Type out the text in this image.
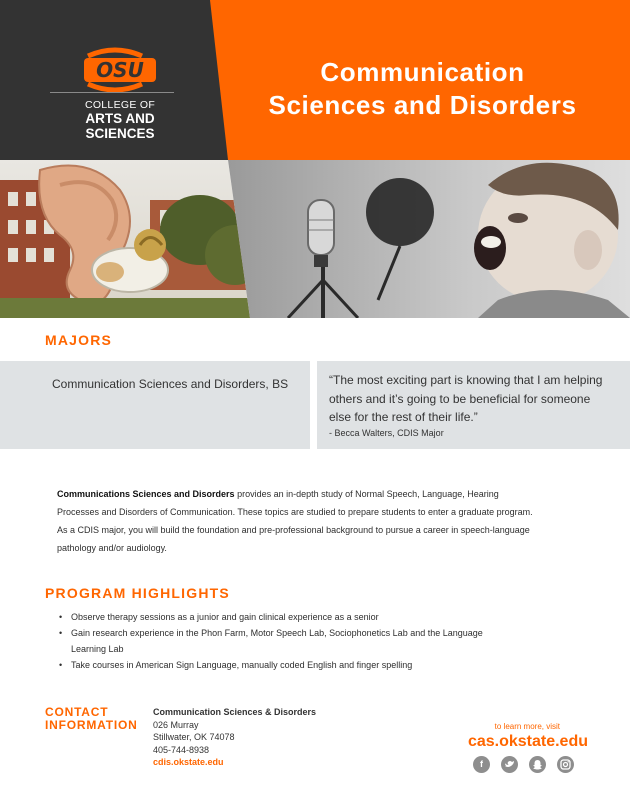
OSU
COLLEGE OF
ARTS AND SCIENCES
Communication
Sciences and Disorders
MAJORS
Communication Sciences and Disorders, BS	“The most exciting part is knowing that I am helping others and it’s going to be beneficial for someone else for the rest of their life.”
- Becca Walters, CDIS Major
Communications Sciences and Disorders provides an in-depth study of Normal Speech, Language, Hearing Processes and Disorders of Communication. These topics are studied to prepare students to enter a graduate program. As a CDIS major, you will build the foundation and pre-professional background to pursue a career in speech-language pathology and/or audiology.
PROGRAM HIGHLIGHTS
• Observe therapy sessions as a junior and gain clinical experience as a senior
• Gain research experience in the Phon Farm, Motor Speech Lab, Sociophonetics Lab and the Language Learning Lab
• Take courses in American Sign Language, manually coded English and finger spelling
CONTACT
INFORMATION
Communication Sciences & Disorders
026 Murray
Stillwater, OK 74078
405-744-8938
cdis.okstate.edu
to learn more, visit
cas.okstate.edu
f
